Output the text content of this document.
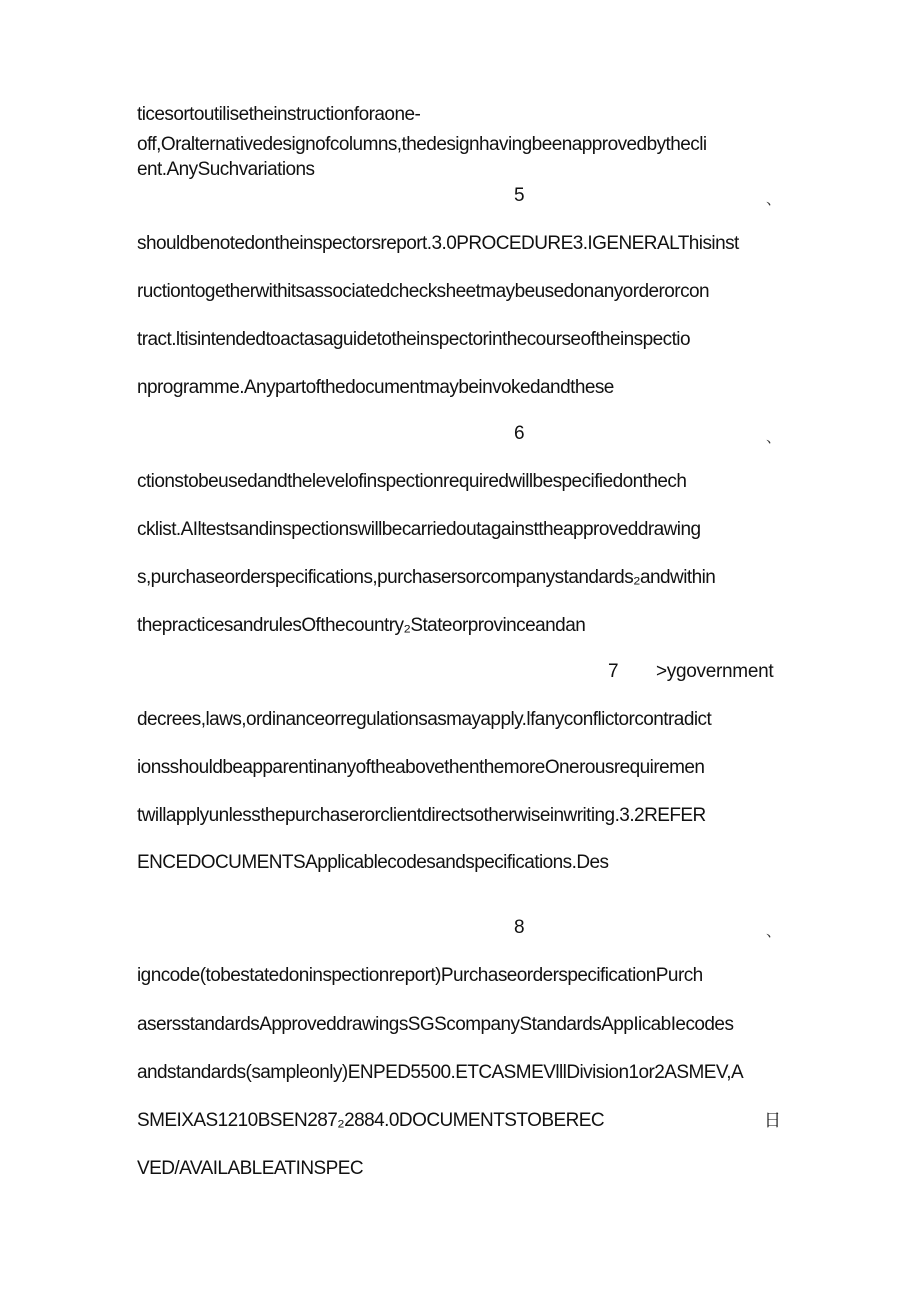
ticesortoutilisetheinstructionforaone-
off,Oralternativedesignofcolumns,thedesignhavingbeenapprovedbythecli
ent.AnySuchvariations
5	、
shouldbenotedontheinspectorsreport.3.0PROCEDURE3.IGENERALThisinst
ructiontogetherwithitsassociatedchecksheetmaybeusedonanyorderorcon
tract.ltisintendedtoactasaguidetotheinspectorinthecourseoftheinspectio
nprogramme.Anypartofthedocumentmaybeinvokedandthese
6	、
ctionstobeusedandthelevelofinspectionrequiredwillbespecifiedonthech
cklist.AIltestsandinspectionswillbecarriedoutagainsttheapproveddrawing
s,purchaseorderspecifications,purchasersorcompanystandards₂andwithin
thepracticesandrulesOfthecountry₂Stateorprovinceandan
7 >ygovernment
decrees,laws,ordinanceorregulationsasmayapply.lfanyconflictorcontradict
ionsshouldbeapparentinanyoftheabovethenthemoreOnerousrequiremen
twillapplyunlessthepurchaserorclientdirectsotherwiseinwriting.3.2REFER
ENCEDOCUMENTSApplicablecodesandspecifications.Des
8	、
igncode(tobestatedoninspectionreport)PurchaseorderspecificationPurch
asersstandardsApproveddrawingsSGScompanyStandardsAppIicabIecodes
andstandards(sampleonly)ENPED5500.ETCASMEVlllDivision1or2ASMEV,A
SMEIXAS1210BSEN287₂2884.0DOCUMENTSTOBEREC	日
VED/AVAILABLEATINSPEC
